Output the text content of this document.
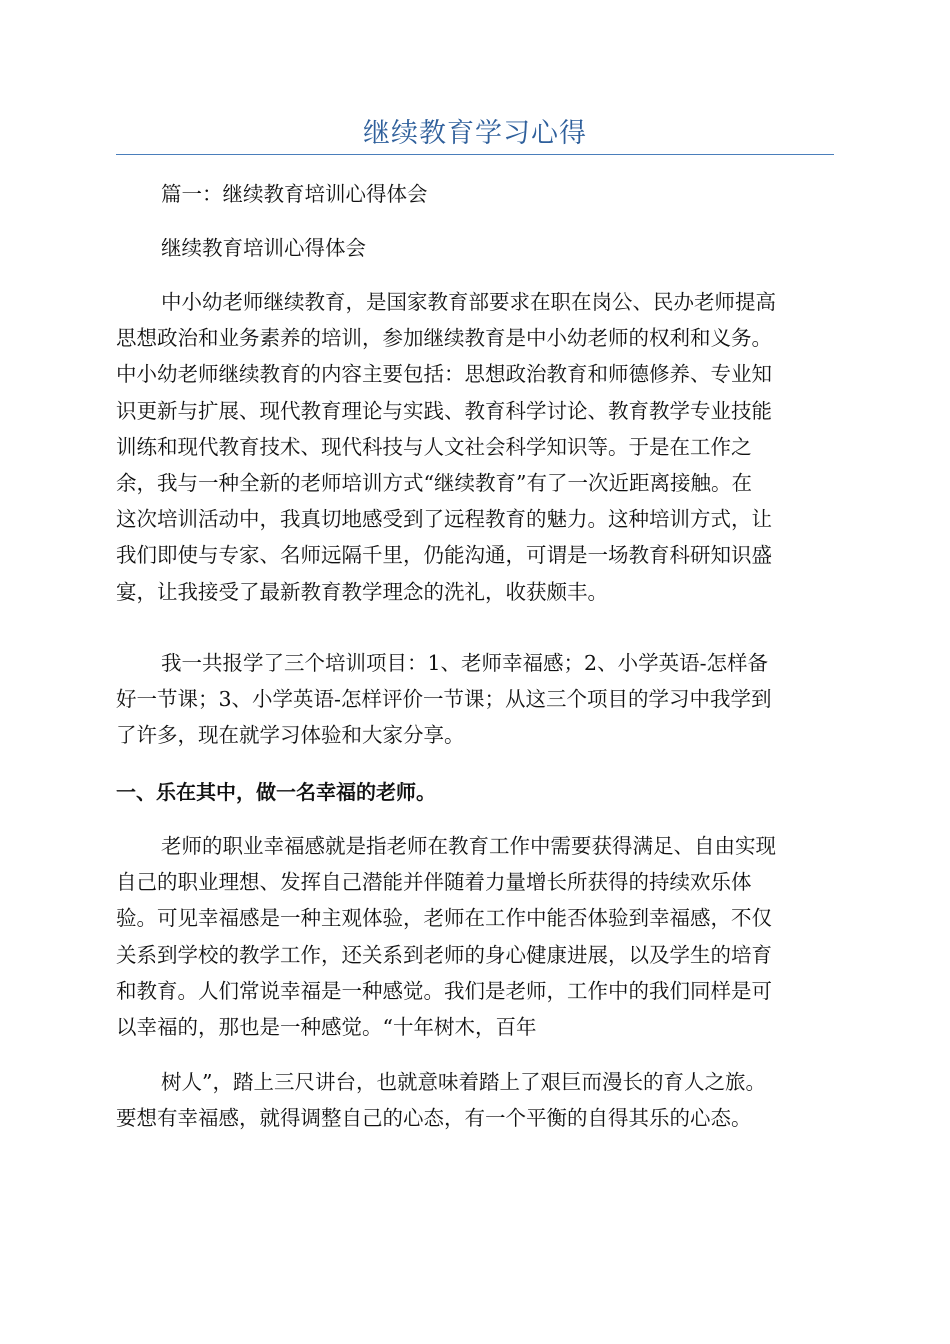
继续教育学习心得

篇一：继续教育培训心得体会

继续教育培训心得体会

中小幼老师继续教育，是国家教育部要求在职在岗公、民办老师提高
思想政治和业务素养的培训，参加继续教育是中小幼老师的权利和义务。
中小幼老师继续教育的内容主要包括：思想政治教育和师德修养、专业知
识更新与扩展、现代教育理论与实践、教育科学讨论、教育教学专业技能
训练和现代教育技术、现代科技与人文社会科学知识等。于是在工作之
余，我与一种全新的老师培训方式“继续教育”有了一次近距离接触。在
这次培训活动中，我真切地感受到了远程教育的魅力。这种培训方式，让
我们即使与专家、名师远隔千里，仍能沟通，可谓是一场教育科研知识盛
宴，让我接受了最新教育教学理念的洗礼，收获颇丰。

我一共报学了三个培训项目：1、老师幸福感；2、小学英语-怎样备
好一节课；3、小学英语-怎样评价一节课；从这三个项目的学习中我学到
了许多，现在就学习体验和大家分享。

一、乐在其中，做一名幸福的老师。

老师的职业幸福感就是指老师在教育工作中需要获得满足、自由实现
自己的职业理想、发挥自己潜能并伴随着力量增长所获得的持续欢乐体
验。可见幸福感是一种主观体验，老师在工作中能否体验到幸福感，不仅
关系到学校的教学工作，还关系到老师的身心健康进展，以及学生的培育
和教育。人们常说幸福是一种感觉。我们是老师，工作中的我们同样是可
以幸福的，那也是一种感觉。“十年树木，百年

树人”，踏上三尺讲台，也就意味着踏上了艰巨而漫长的育人之旅。
要想有幸福感，就得调整自己的心态，有一个平衡的自得其乐的心态。
